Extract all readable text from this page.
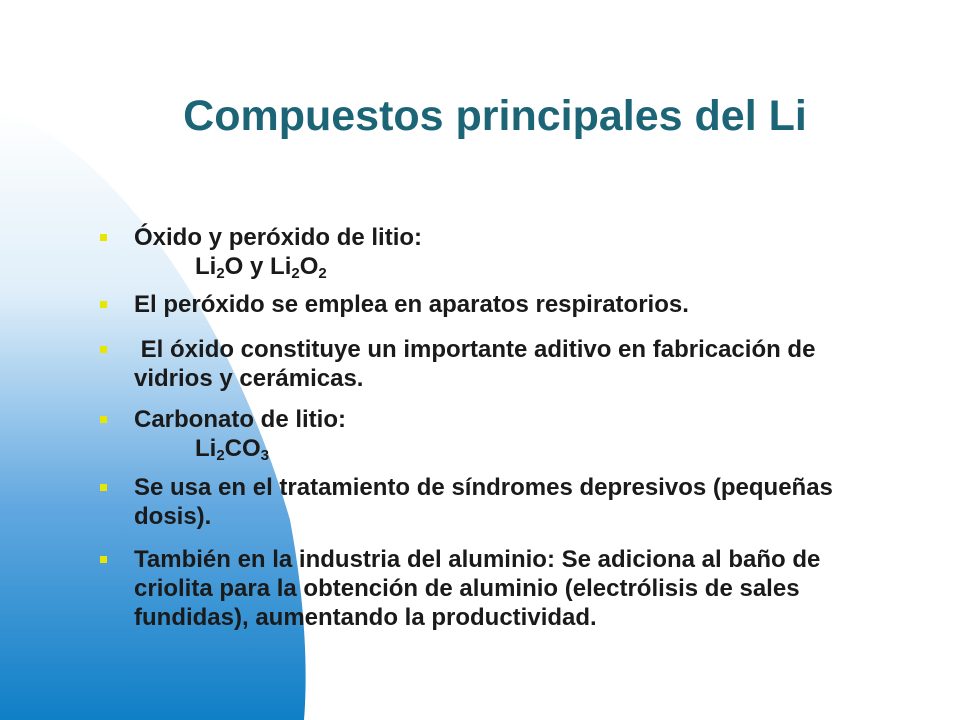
Compuestos principales del Li
Óxido y peróxido de litio:
$Li_2O$ y $Li_2O_2$
El peróxido se emplea en aparatos respiratorios.
El óxido constituye un importante aditivo en fabricación de vidrios y cerámicas.
Carbonato de litio:
$Li_2CO_3$
Se usa en el tratamiento de síndromes depresivos (pequeñas dosis).
También en la industria del aluminio: Se adiciona al baño de criolita para la obtención de aluminio (electrólisis de sales fundidas), aumentando la productividad.
